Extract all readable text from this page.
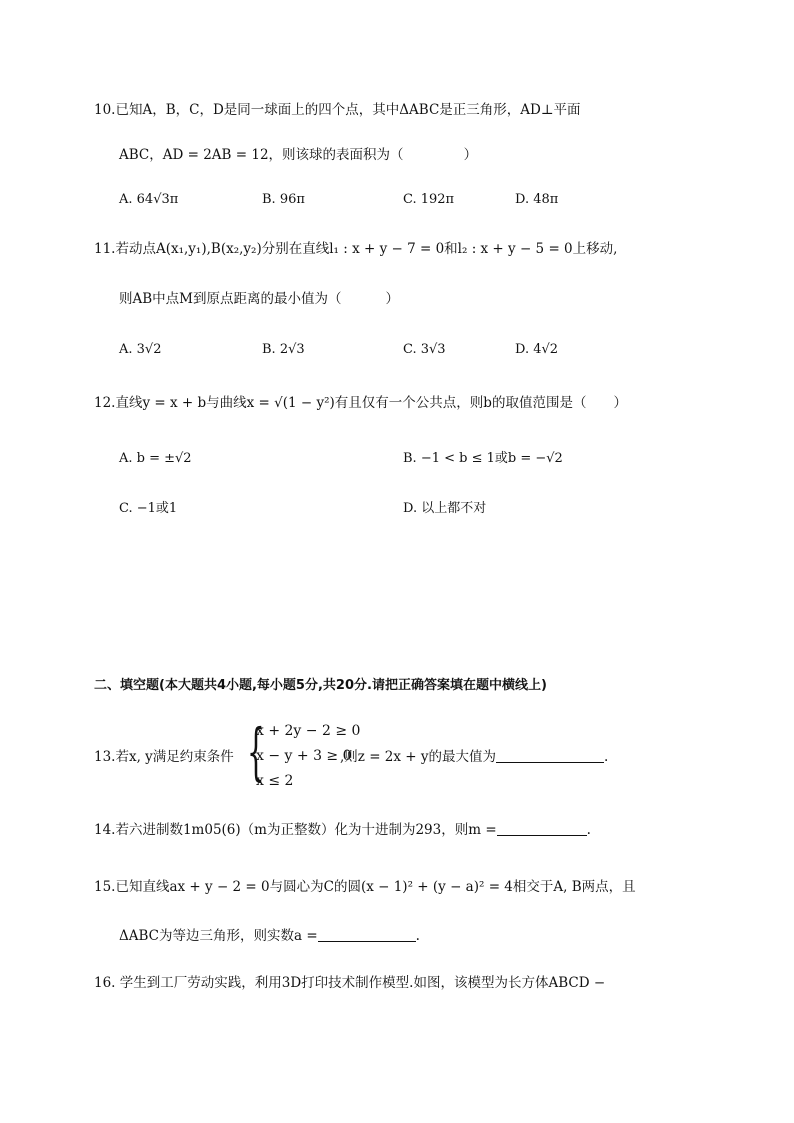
10.已知A，B，C，D是同一球面上的四个点，其中ΔABC是正三角形，AD⊥平面
ABC，AD = 2AB = 12，则该球的表面积为（	）
A. 64√3π	B. 96π	C. 192π	D. 48π
11.若动点A(x₁,y₁),B(x₂,y₂)分别在直线l₁ : x + y − 7 = 0和l₂ : x + y − 5 = 0上移动,
则AB中点M到原点距离的最小值为（	）
A. 3√2	B. 2√3	C. 3√3	D. 4√2
12.直线y = x + b与曲线x = √(1 − y²)有且仅有一个公共点，则b的取值范围是（　　）
A. b = ±√2	B. −1 < b ≤ 1或b = −√2
C. −1或1	D. 以上都不对
二、填空题(本大题共4小题,每小题5分,共20分.请把正确答案填在题中横线上)
13.若x, y满足约束条件 {
x + 2y − 2 ≥ 0
x − y + 3 ≥ 0
x ≤ 2
,则z = 2x + y的最大值为	.
14.若六进制数1m05(6)（m为正整数）化为十进制为293，则m =	.
15.已知直线ax + y − 2 = 0与圆心为C的圆(x − 1)² + (y − a)² = 4相交于A, B两点，且
ΔABC为等边三角形，则实数a =	.
16. 学生到工厂劳动实践，利用3D打印技术制作模型.如图，该模型为长方体ABCD −
